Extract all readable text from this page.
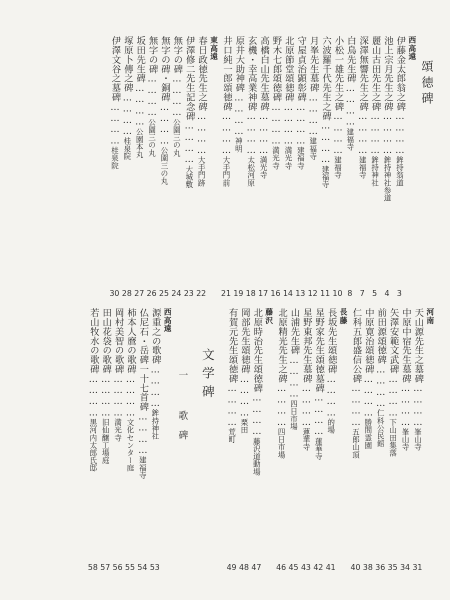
頌徳碑
西高遠
伊藤金太郎翁之碑…………鉾持翁道
3
池上宗月先生之碑…………鉾持神社参道
4
麗山古田先生之碑…………鉾持神社
5
深澤無響先生之碑…………建福寺
7
白鳥先生碑…………建福寺
8
小松一雄先生之碑…………建福寺
10
六波羅千代先生之碑…………建福寺
11
月峯先生墓碑…………建福寺
12
守屋貞治顕彰碑…………建福寺
13
北原節堂頌徳碑…………満光寺
14
野木七郎頌徳碑…………満光寺
16
高橋白山先生墓碑…………満光寺
17
玄機・幸高業神碑…………太松河原
18
原井大助神碑…………神明
19
井口純一郎頌徳碑…………大手門前
21
東高遠
春日政徳先生之碑…………大手門跡
22
伊澤修二先生記念碑…………大城敷
23
無字の碑…………公園三の丸
24
無字の碑・銅碑…………公園三の丸
25
無字の碑…………公園三の丸
26
坂田先生碑…………公園本丸
27
塚原卜傳之碑…………桂泉院
28
伊澤文谷之墓碑…………桂泉院
30
河南
天山源先生之墓碑…………峯山寺
31
中原中宿先生墓碑…………峯山寺
34
矢澤安範文武碑…………下山田集落
35
前田源頌徳碑…………仁科公民館
36
中原寛治頌徳碑…………勝間霊園
38
仁科五郎盛信公碑…………五郎山頂
40
長藤
長坂先生頌徳碑…………的場
41
星野家先生頌徳墓碑…………蓮華寺
42
星野東邦先生墓碑…………蓮華寺
43
山浦先生碑…………四日市場
45
北原精光先生之碑…………四日市場
46
藤沢
北原時治先生頌徳碑…………藤沢道動場
47
岡部先生頌徳碑…………栗田
48
有賀元先生頌徳碑…………荒町
49
文学碑
一 歌碑
西高遠
源重之の歌碑…………鉾持神社
53
仏尼石・岳碑一十七首碑…………建福寺
54
柿本人麿の歌碑…………文化センター庭
55
岡村美智の歌碑…………満光寺
56
田山花袋の歌碑…………旧仙醸工場庭
57
若山牧水の歌碑…………黒河内太郎氏邸
58
